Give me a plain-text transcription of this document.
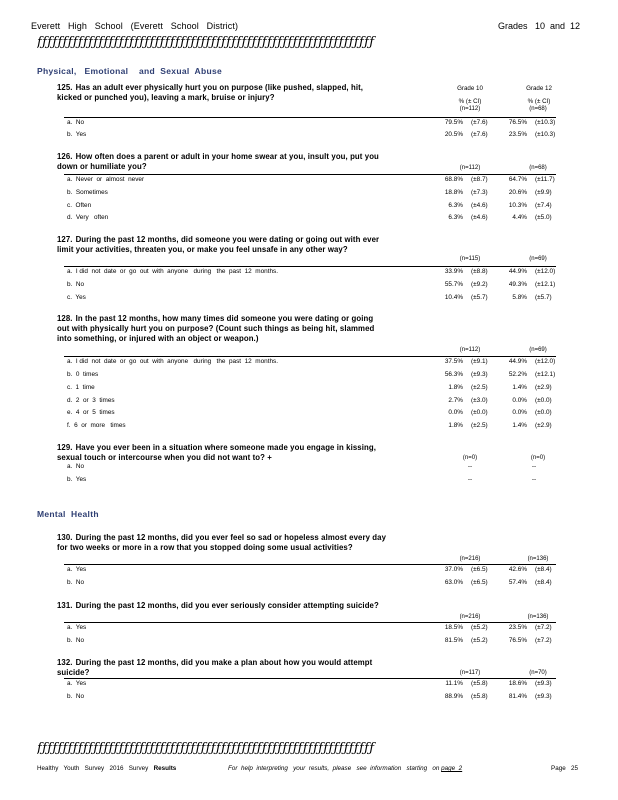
Everett   High   School   (Everett   School   District)	Grades   10  and  12
ƒƒƒƒƒƒƒƒƒƒƒƒƒƒƒƒƒƒƒƒƒƒƒƒƒƒƒƒƒƒƒƒƒƒƒƒƒƒƒƒƒƒƒƒƒƒƒƒƒƒƒƒƒƒƒƒƒƒƒƒƒƒƒƒƒƒ
Physical,   Emotional    and  Sexual  Abuse
Grade 10	Grade 12
% (± CI)	% (± CI)
125. Has an adult ever physically hurt you on purpose (like pushed, slapped, hit, kicked or punched you), leaving a mark, bruise or injury?
(n=112)	(n=68)
a.  No	79.5% (±7.6)	76.5% (±10.3)
b.  Yes	20.5% (±7.6)	23.5% (±10.3)
126. How often does a parent or adult in your home swear at you, insult you, put you down or humiliate you?	(n=112)	(n=68)
a.  Never  or  almost  never	68.8% (±8.7)	64.7% (±11.7)
b.  Sometimes	18.8% (±7.3)	20.6% (±9.9)
c.  Often	6.3% (±4.6)	10.3% (±7.4)
d.  Very   often	6.3% (±4.6)	4.4% (±5.0)
127. During the past 12 months, did someone you were dating or going out with ever limit your activities, threaten you, or make you feel unsafe in any other way?
(n=115)	(n=69)
a.  I did  not  date  or  go  out  with  anyone   during   the  past  12  months.	33.9% (±8.8)	44.9% (±12.0)
b.  No	55.7% (±9.2)	49.3% (±12.1)
c.  Yes	10.4% (±5.7)	5.8% (±5.7)
128. In the past 12 months, how many times did someone you were dating or going out with physically hurt you on purpose? (Count such things as being hit, slammed into something, or injured with an object or weapon.)
(n=112)	(n=69)
a.  I did  not  date  or  go  out  with  anyone   during   the  past  12  months.	37.5% (±9.1)	44.9% (±12.0)
b.  0  times	56.3% (±9.3)	52.2% (±12.1)
c.  1  time	1.8% (±2.5)	1.4% (±2.9)
d.  2  or  3  times	2.7% (±3.0)	0.0% (±0.0)
e.  4  or  5  times	0.0% (±0.0)	0.0% (±0.0)
f.  6  or  more   times	1.8% (±2.5)	1.4% (±2.9)
129. Have you ever been in a situation where someone made you engage in kissing, sexual touch or intercourse when you did not want to? +	(n=0)	(n=0)
a.  No	--	--
b.  Yes	--	--
130. During the past 12 months, did you ever feel so sad or hopeless almost every day for two weeks or more in a row that you stopped doing some usual activities?
(n=216)	(n=136)
a.  Yes	37.0% (±6.5)	42.6% (±8.4)
b.  No	63.0% (±6.5)	57.4% (±8.4)
131. During the past 12 months, did you ever seriously consider attempting suicide?
(n=216)	(n=136)
a.  Yes	18.5% (±5.2)	23.5% (±7.2)
b.  No	81.5% (±5.2)	76.5% (±7.2)
132. During the past 12 months, did you make a plan about how you would attempt suicide?	(n=117)	(n=70)
a.  Yes	11.1% (±5.8)	18.6% (±9.3)
b.  No	88.9% (±5.8)	81.4% (±9.3)
Mental  Health
ƒƒƒƒƒƒƒƒƒƒƒƒƒƒƒƒƒƒƒƒƒƒƒƒƒƒƒƒƒƒƒƒƒƒƒƒƒƒƒƒƒƒƒƒƒƒƒƒƒƒƒƒƒƒƒƒƒƒƒƒƒƒƒƒƒƒ
Healthy   Youth   Survey   2016   Survey Results	For  help  interpreting   your  results,  please   see  information   starting   on page  2	Page   25
